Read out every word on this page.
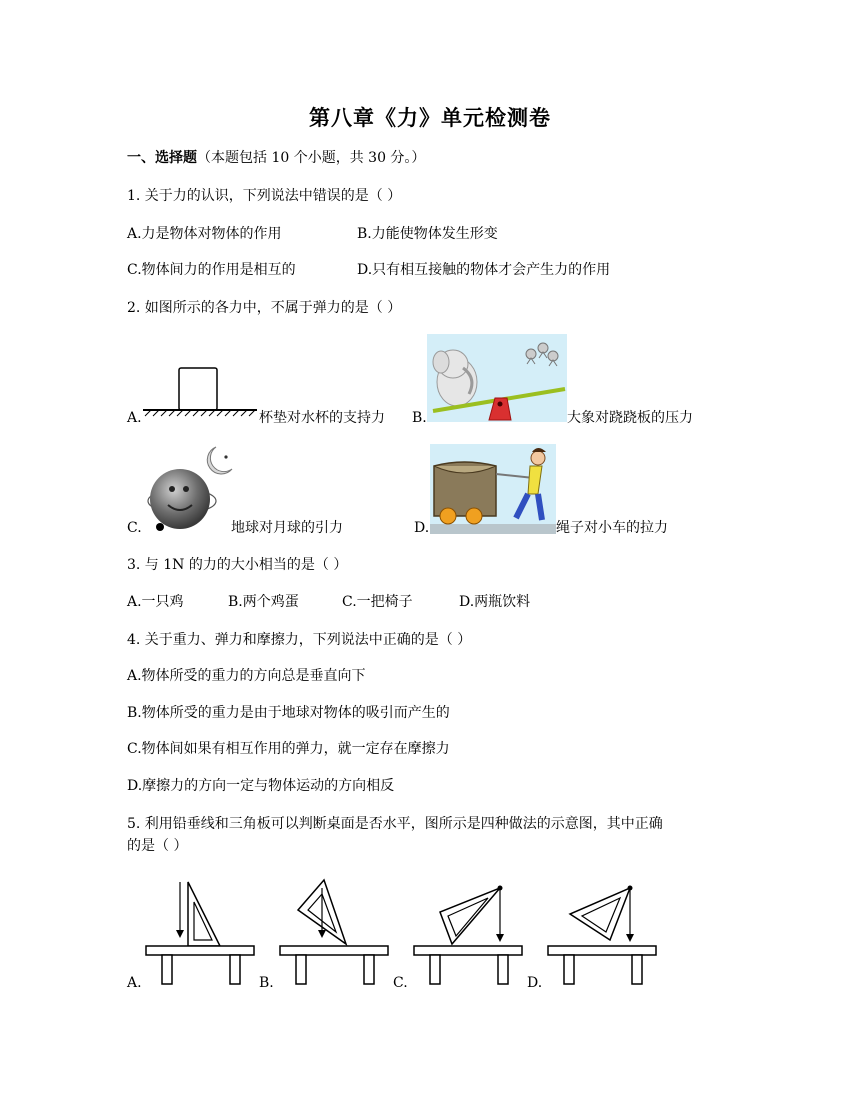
第八章《力》单元检测卷
一、选择题（本题包括 10 个小题，共 30 分。）
1. 关于力的认识，下列说法中错误的是（ ）
A.力是物体对物体的作用	B.力能使物体发生形变
C.物体间力的作用是相互的	D.只有相互接触的物体才会产生力的作用
2. 如图所示的各力中，不属于弹力的是（ ）
A.	杯垫对水杯的支持力 B.	大象对跷跷板的压力
C.	地球对月球的引力	D.	绳子对小车的拉力
3. 与 1N 的力的大小相当的是（ ）
A.一只鸡	B.两个鸡蛋	C.一把椅子	D.两瓶饮料
4. 关于重力、弹力和摩擦力，下列说法中正确的是（ ）
A.物体所受的重力的方向总是垂直向下
B.物体所受的重力是由于地球对物体的吸引而产生的
C.物体间如果有相互作用的弹力，就一定存在摩擦力
D.摩擦力的方向一定与物体运动的方向相反
5. 利用铅垂线和三角板可以判断桌面是否水平，图所示是四种做法的示意图，其中正确
的是（ ）
A.	B.	C.	D.
